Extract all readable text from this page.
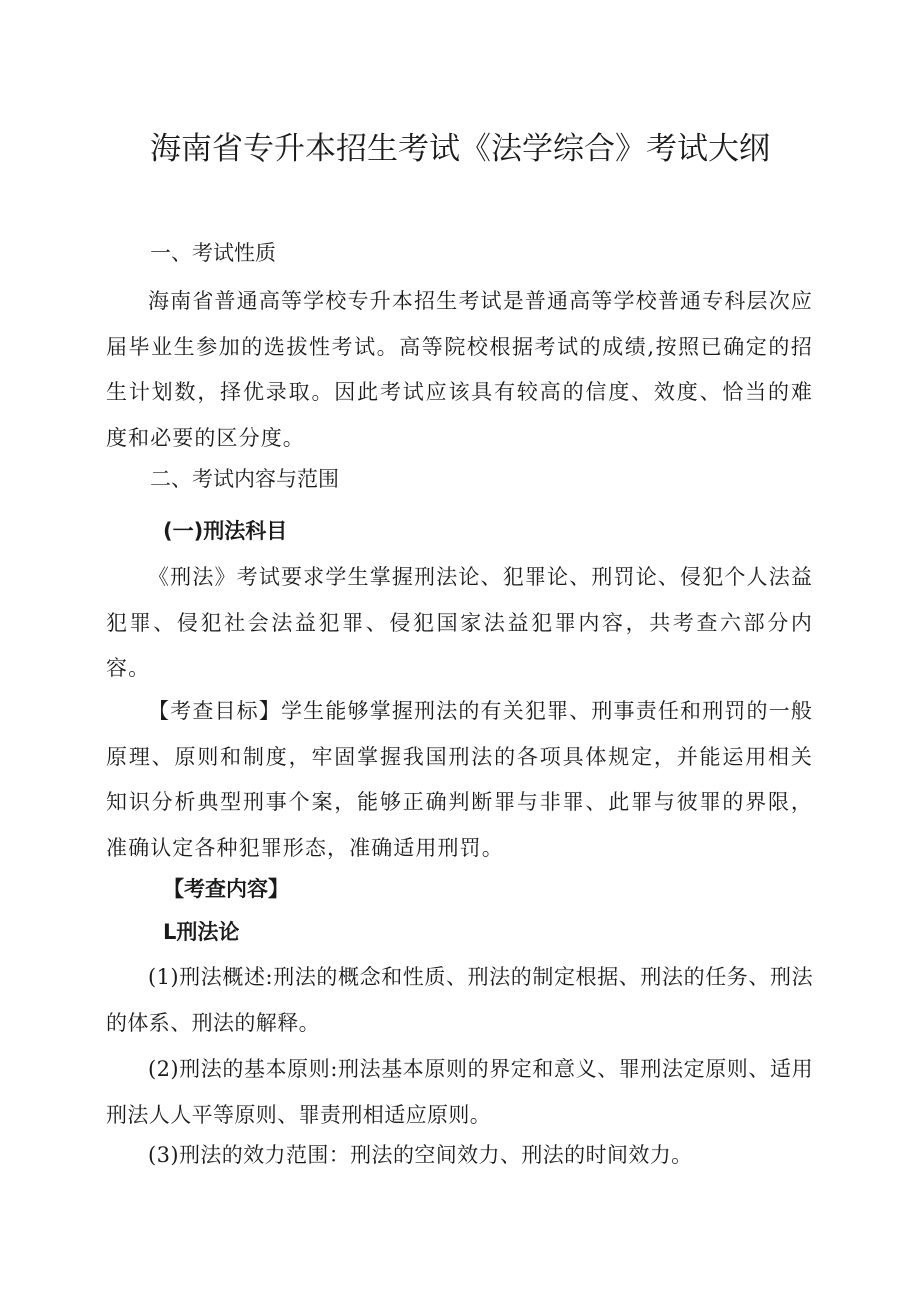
海南省专升本招生考试《法学综合》考试大纲
一、考试性质

海南省普通高等学校专升本招生考试是普通高等学校普通专科层次应届毕业生参加的选拔性考试。高等院校根据考试的成绩,按照已确定的招生计划数，择优录取。因此考试应该具有较高的信度、效度、恰当的难度和必要的区分度。

二、考试内容与范围
(一)刑法科目

《刑法》考试要求学生掌握刑法论、犯罪论、刑罚论、侵犯个人法益犯罪、侵犯社会法益犯罪、侵犯国家法益犯罪内容，共考查六部分内容。

【考查目标】学生能够掌握刑法的有关犯罪、刑事责任和刑罚的一般原理、原则和制度，牢固掌握我国刑法的各项具体规定，并能运用相关知识分析典型刑事个案，能够正确判断罪与非罪、此罪与彼罪的界限，准确认定各种犯罪形态，准确适用刑罚。

【考查内容】
L刑法论

(1)刑法概述:刑法的概念和性质、刑法的制定根据、刑法的任务、刑法的体系、刑法的解释。

(2)刑法的基本原则:刑法基本原则的界定和意义、罪刑法定原则、适用刑法人人平等原则、罪责刑相适应原则。

(3)刑法的效力范围：刑法的空间效力、刑法的时间效力。
